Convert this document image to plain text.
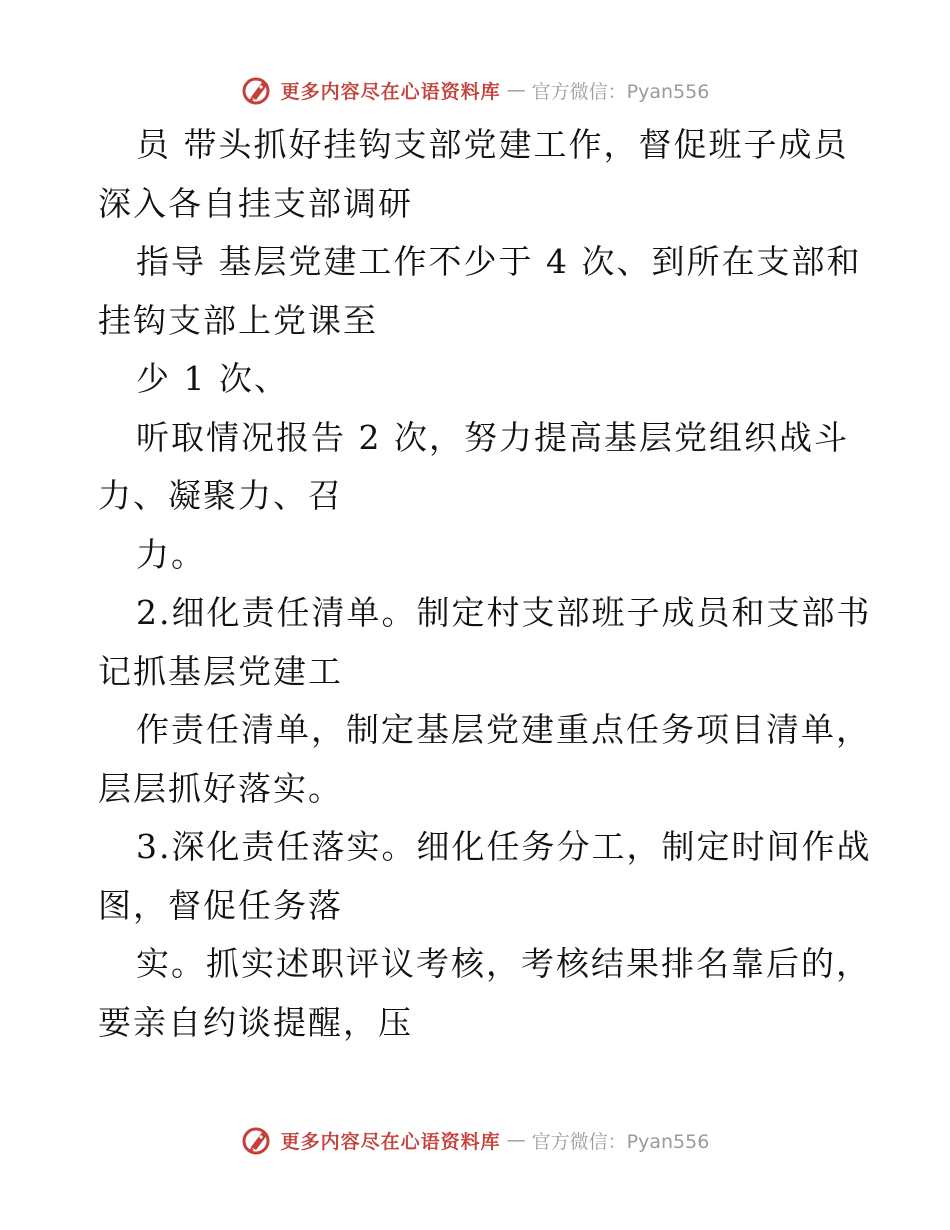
更多内容尽在心语资料库 — 官方微信：Pyan556
员 带头抓好挂钩支部党建工作，督促班子成员
深入各自挂支部调研
指导 基层党建工作不少于 4 次、到所在支部和
挂钩支部上党课至
少 1 次、
听取情况报告 2 次，努力提高基层党组织战斗
力、凝聚力、召
力。
2.细化责任清单。制定村支部班子成员和支部书
记抓基层党建工
作责任清单，制定基层党建重点任务项目清单，
层层抓好落实。
3.深化责任落实。细化任务分工，制定时间作战
图，督促任务落
实。抓实述职评议考核，考核结果排名靠后的，
要亲自约谈提醒，压
更多内容尽在心语资料库 — 官方微信：Pyan556
